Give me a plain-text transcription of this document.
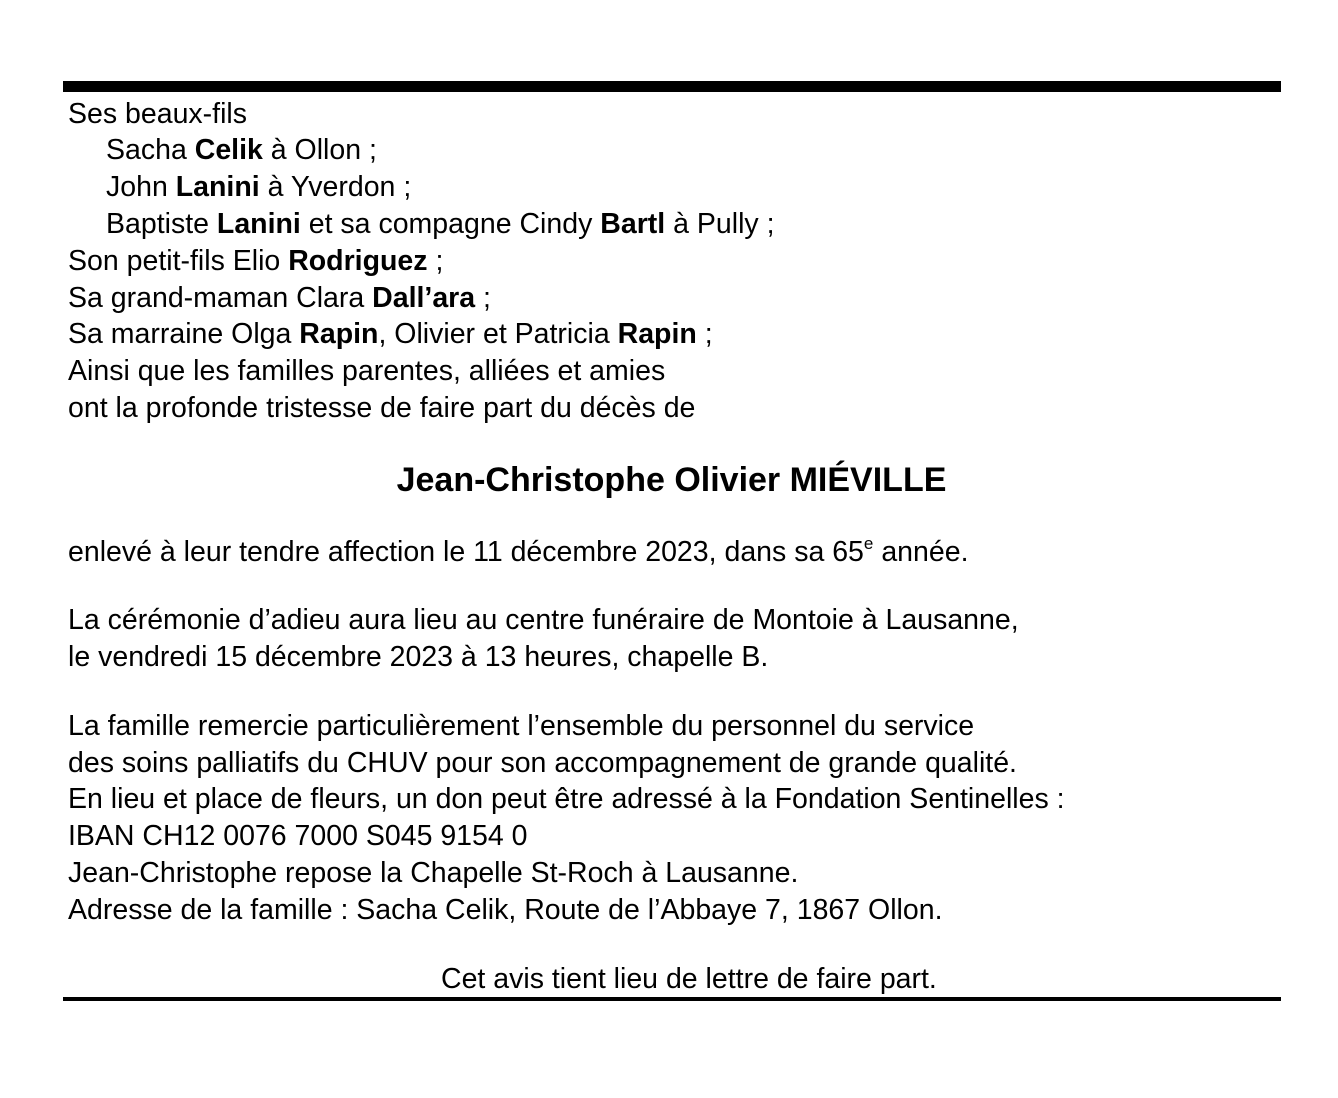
Ses beaux-fils
Sacha Celik à Ollon ;
John Lanini à Yverdon ;
Baptiste Lanini et sa compagne Cindy Bartl à Pully ;
Son petit-fils Elio Rodriguez ;
Sa grand-maman Clara Dall’ara ;
Sa marraine Olga Rapin, Olivier et Patricia Rapin ;
Ainsi que les familles parentes, alliées et amies
ont la profonde tristesse de faire part du décès de
Jean-Christophe Olivier MIÉVILLE
enlevé à leur tendre affection le 11 décembre 2023, dans sa 65e année.
La cérémonie d’adieu aura lieu au centre funéraire de Montoie à Lausanne,
le vendredi 15 décembre 2023 à 13 heures, chapelle B.
La famille remercie particulièrement l’ensemble du personnel du service
des soins palliatifs du CHUV pour son accompagnement de grande qualité.
En lieu et place de fleurs, un don peut être adressé à la Fondation Sentinelles :
IBAN CH12 0076 7000 S045 9154 0
Jean-Christophe repose la Chapelle St-Roch à Lausanne.
Adresse de la famille : Sacha Celik, Route de l’Abbaye 7, 1867 Ollon.
Cet avis tient lieu de lettre de faire part.
